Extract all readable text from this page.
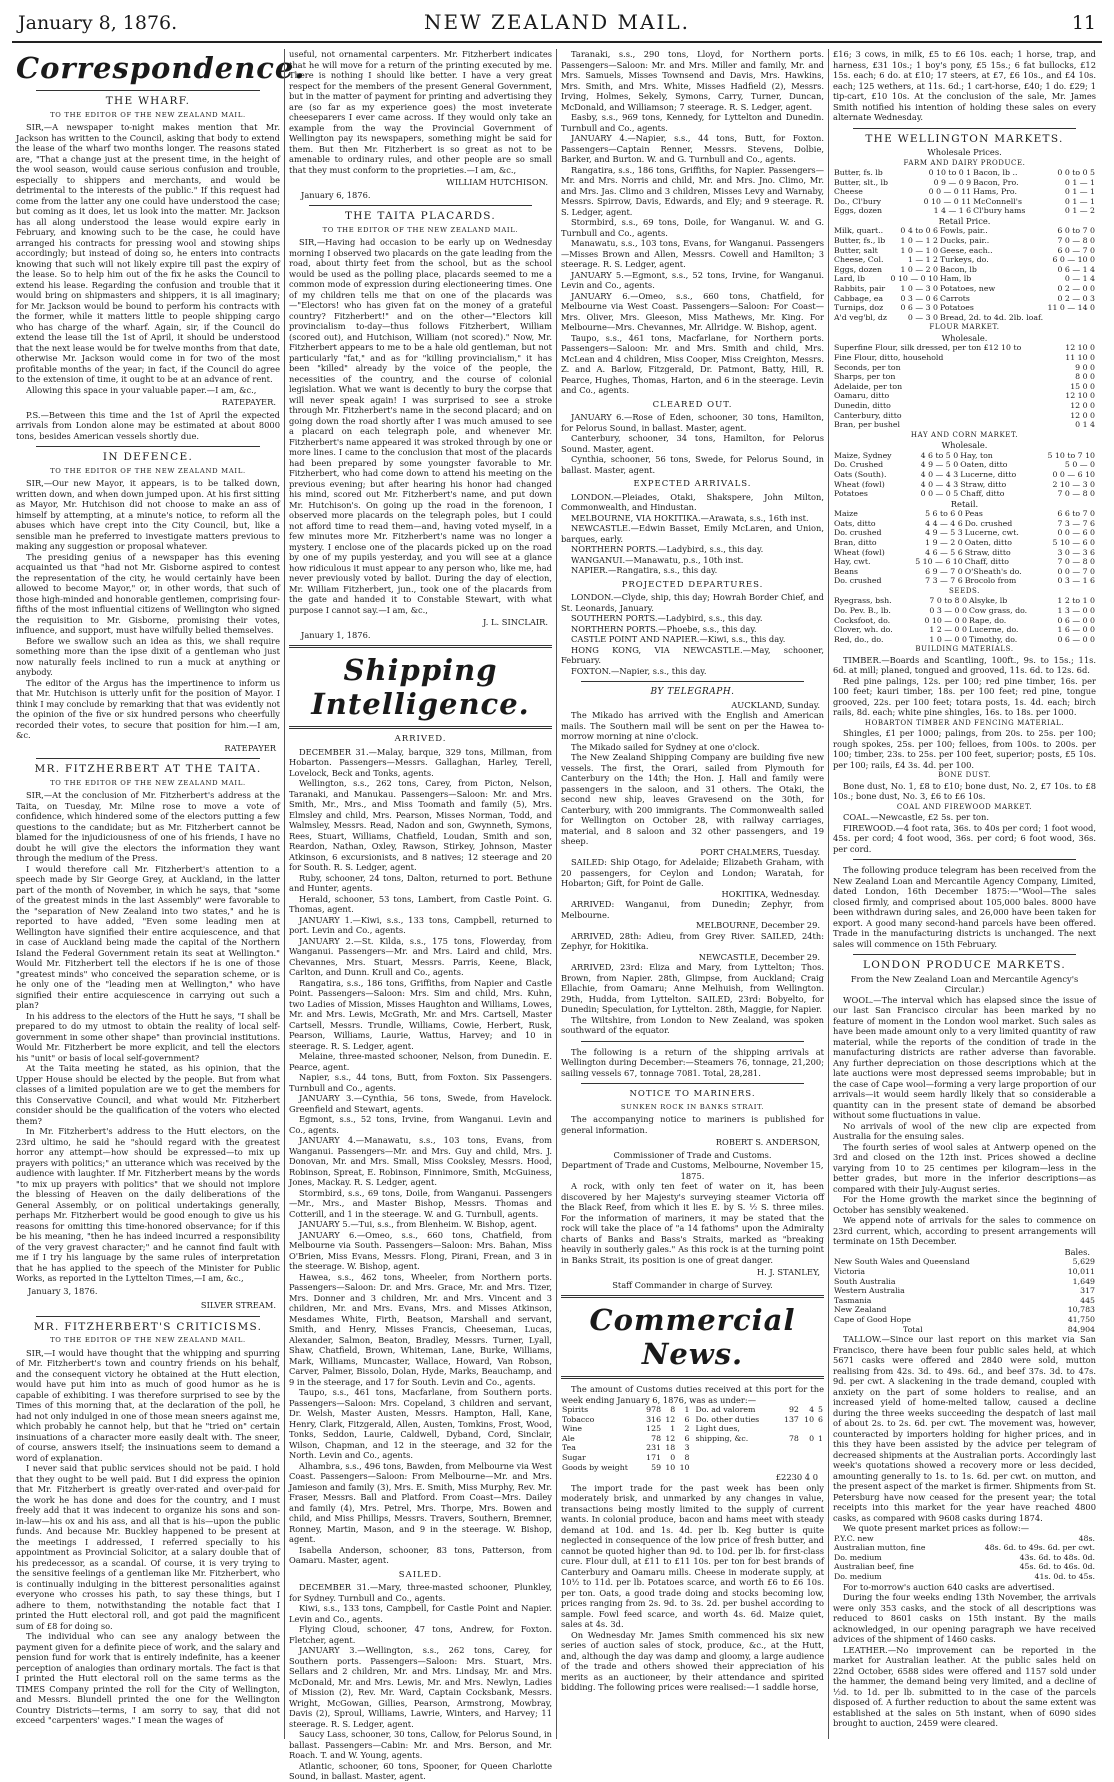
January 8, 1876.	NEW ZEALAND MAIL.	11
Correspondence.
THE WHARF.
TO THE EDITOR OF THE NEW ZEALAND MAIL.

SIR,—A newspaper to-night makes mention that Mr. Jackson has written to the Council, asking that body to extend the lease of the wharf two months longer. The reasons stated are, "That a change just at the present time, in the height of the wool season, would cause serious confusion and trouble, especially to shippers and merchants, and would be detrimental to the interests of the public." If this request had come from the latter any one could have understood the case; but coming as it does, let us look into the matter. Mr. Jackson has all along understood the lease would expire early in February, and knowing such to be the case, he could have arranged his contracts for pressing wool and stowing ships accordingly; but instead of doing so, he enters into contracts knowing that such will not likely expire till past the expiry of the lease. So to help him out of the fix he asks the Council to extend his lease. Regarding the confusion and trouble that it would bring on shipmasters and shippers, it is all imaginary; for Mr. Jackson would be bound to perform his contracts with the former, while it matters little to people shipping cargo who has charge of the wharf. Again, sir, if the Council do extend the lease till the 1st of April, it should be understood that the next lease would be for twelve months from that date, otherwise Mr. Jackson would come in for two of the most profitable months of the year; in fact, if the Council do agree to the extension of time, it ought to be at an advance of rent.

Allowing this space in your valuable paper.—I am, &c.,

RATEPAYER.

P.S.—Between this time and the 1st of April the expected arrivals from London alone may be estimated at about 8000 tons, besides American vessels shortly due.

IN DEFENCE.
TO THE EDITOR OF THE NEW ZEALAND MAIL.

SIR,—Our new Mayor, it appears, is to be talked down, written down, and when down jumped upon. At his first sitting as Mayor, Mr. Hutchison did not choose to make an ass of himself by attempting, at a minute's notice, to reform all the abuses which have crept into the City Council, but, like a sensible man he preferred to investigate matters previous to making any suggestion or proposal whatever.

The presiding genius of a newspaper has this evening acquainted us that "had not Mr. Gisborne aspired to contest the representation of the city, he would certainly have been allowed to become Mayor," or, in other words, that such of those high-minded and honorable gentlemen, comprising four-fifths of the most influential citizens of Wellington who signed the requisition to Mr. Gisborne, promising their votes, influence, and support, must have wilfully belied themselves.

Before we swallow such an idea as this, we shall require something more than the ipse dixit of a gentleman who just now naturally feels inclined to run a muck at anything or anybody.

The editor of the Argus has the impertinence to inform us that Mr. Hutchison is utterly unfit for the position of Mayor. I think I may conclude by remarking that that was evidently not the opinion of the five or six hundred persons who cheerfully recorded their votes, to secure that position for him.—I am, &c.

RATEPAYER
MR. FITZHERBERT AT THE TAITA.
TO THE EDITOR OF THE NEW ZEALAND MAIL.

SIR,—At the conclusion of Mr. Fitzherbert's address at the Taita, on Tuesday, Mr. Milne rose to move a vote of confidence, which hindered some of the electors putting a few questions to the candidate; but as Mr. Fitzherbert cannot be blamed for the injudiciousness of one of his friends, I have no doubt he will give the electors the information they want through the medium of the Press.

I would therefore call Mr. Fitzherbert's attention to a speech made by Sir George Grey, at Auckland, in the latter part of the month of November, in which he says, that "some of the greatest minds in the last Assembly" were favorable to the "separation of New Zealand into two states," and he is reported to have added, "Even some leading men at Wellington have signified their entire acquiescence, and that in case of Auckland being made the capital of the Northern Island the Federal Government retain its seat at Wellington." Would Mr. Fitzherbert tell the electors if he is one of those "greatest minds" who conceived the separation scheme, or is he only one of the "leading men at Wellington," who have signified their entire acquiescence in carrying out such a plan?

In his address to the electors of the Hutt he says, "I shall be prepared to do my utmost to obtain the reality of local self-government in some other shape" than provincial institutions. Would Mr. Fitzherbert be more explicit, and tell the electors his "unit" or basis of local self-government?

At the Taita meeting he stated, as his opinion, that the Upper House should be elected by the people. But from what classes of a limited population are we to get the members for this Conservative Council, and what would Mr. Fitzherbert consider should be the qualification of the voters who elected them?

In Mr. Fitzherbert's address to the Hutt electors, on the 23rd ultimo, he said he "should regard with the greatest horror any attempt—how should be expressed—to mix up prayers with politics;" an utterance which was received by the audience with laughter. If Mr. Fitzherbert means by the words "to mix up prayers with politics" that we should not implore the blessing of Heaven on the daily deliberations of the General Assembly, or on political undertakings generally, perhaps Mr. Fitzherbert would be good enough to give us his reasons for omitting this time-honored observance; for if this be his meaning, "then he has indeed incurred a responsibility of the very gravest character;" and he cannot find fault with me if I try his language by the same rules of interpretation that he has applied to the speech of the Minister for Public Works, as reported in the Lyttelton Times,—I am, &c.,

January 3, 1876.
SILVER STREAM.
MR. FITZHERBERT'S CRITICISMS.
TO THE EDITOR OF THE NEW ZEALAND MAIL.

SIR,—I would have thought that the whipping and spurring of Mr. Fitzherbert's town and country friends on his behalf, and the consequent victory he obtained at the Hutt election, would have put him into as much of good humor as he is capable of exhibiting. I was therefore surprised to see by the Times of this morning that, at the declaration of the poll, he had not only indulged in one of those mean sneers against me, which probably he cannot help, but that he "tried on" certain insinuations of a character more easily dealt with. The sneer, of course, answers itself; the insinuations seem to demand a word of explanation.

I never said that public services should not be paid. I hold that they ought to be well paid. But I did express the opinion that Mr. Fitzherbert is greatly over-rated and over-paid for the work he has done and does for the country, and I must freely add that it was indecent to organize his sons and son-in-law—his ox and his ass, and all that is his—upon the public funds. And because Mr. Buckley happened to be present at the meetings I addressed, I referred specially to his appointment as Provincial Solicitor, at a salary double that of his predecessor, as a scandal. Of course, it is very trying to the sensitive feelings of a gentleman like Mr. Fitzherbert, who is continually indulging in the bitterest personalities against everyone who crosses his path, to say these things, but I adhere to them, notwithstanding the notable fact that I printed the Hutt electoral roll, and got paid the magnificent sum of £8 for doing so.

The individual who can see any analogy between the payment given for a definite piece of work, and the salary and pension fund for work that is entirely indefinite, has a keener perception of analogies than ordinary mortals. The fact is that I printed the Hutt electoral roll on the same terms as the TIMES Company printed the roll for the City of Wellington, and Messrs. Blundell printed the one for the Wellington Country Districts—terms, I am sorry to say, that did not exceed "carpenters' wages." I mean the wages of

useful, not ornamental carpenters. Mr. Fitzherbert indicates that he will move for a return of the printing executed by me. There is nothing I should like better. I have a very great respect for the members of the present General Government, but in the matter of payment for printing and advertising they are (so far as my experience goes) the most inveterate cheeseparers I ever came across. If they would only take an example from the way the Provincial Government of Wellington pay its newspapers, something might be said for them. But then Mr. Fitzherbert is so great as not to be amenable to ordinary rules, and other people are so small that they must conform to the proprieties.—I am, &c.,

WILLIAM HUTCHISON.
January 6, 1876.
THE TAITA PLACARDS.
TO THE EDITOR OF THE NEW ZEALAND MAIL.

SIR,—Having had occasion to be early up on Wednesday morning I observed two placards on the gate leading from the road, about thirty feet from the school, but as the school would be used as the polling place, placards seemed to me a common mode of expression during electioneering times. One of my children tells me that on one of the placards was—"Electors! who has given fat on the money of a grateful country? Fitzherbert!" and on the other—"Electors kill provincialism to-day—thus follows Fitzherbert, William (scored out), and Hutchison, William (not scored)." Now, Mr. Fitzherbert appears to me to be a hale old gentleman, but not particularly "fat," and as for "killing provincialism," it has been "killed" already by the voice of the people, the necessities of the country, and the course of colonial legislation. What we want is decently to bury the corpse that will never speak again! I was surprised to see a stroke through Mr. Fitzherbert's name in the second placard; and on going down the road shortly after I was much amused to see a placard on each telegraph pole, and whenever Mr. Fitzherbert's name appeared it was stroked through by one or more lines. I came to the conclusion that most of the placards had been prepared by some youngster favorable to Mr. Fitzherbert, who had come down to attend his meeting on the previous evening; but after hearing his honor had changed his mind, scored out Mr. Fitzherbert's name, and put down Mr. Hutchison's. On going up the road in the forenoon, I observed more placards on the telegraph poles, but I could not afford time to read them—and, having voted myself, in a few minutes more Mr. Fitzherbert's name was no longer a mystery. I enclose one of the placards picked up on the road by one of my pupils yesterday, and you will see at a glance how ridiculous it must appear to any person who, like me, had never previously voted by ballot. During the day of election, Mr. William Fitzherbert, jun., took one of the placards from the gate and handed it to Constable Stewart, with what purpose I cannot say.—I am, &c.,

J. L. SINCLAIR.
January 1, 1876.
Shipping Intelligence.
ARRIVED.

DECEMBER 31.—Malay, barque, 329 tons, Millman, from Hobarton. Passengers—Messrs. Gallaghan, Harley, Terell, Lovelock, Beck and Tonks, agents.

Wellington, s.s., 262 tons, Carey, from Picton, Nelson, Taranaki, and Manukau. Passengers—Saloon: Mr. and Mrs. Smith, Mr., Mrs., and Miss Toomath and family (5), Mrs. Elmsley and child, Mrs. Pearson, Misses Norman, Todd, and Walmsley, Messrs. Read, Nadon and son, Gwynneth, Symons, Rees, Stuart, Williams, Chatfield, Loudan, Smith and son, Reardon, Nathan, Oxley, Rawson, Stirkey, Johnson, Master Atkinson, 6 excursionists, and 8 natives; 12 steerage and 20 for South. R. S. Ledger, agent.

Ruby, schooner, 24 tons, Dalton, returned to port. Bethune and Hunter, agents.

Herald, schooner, 53 tons, Lambert, from Castle Point. G. Thomas, agent.

JANUARY 1.—Kiwi, s.s., 133 tons, Campbell, returned to port. Levin and Co., agents.

JANUARY 2.—St. Kilda, s.s., 175 tons, Flowerday, from Wanganui. Passengers—Mr. and Mrs. Laird and child, Mrs. Chevannes, Mrs. Stuart, Messrs. Parris, Keene, Black, Carlton, and Dunn. Krull and Co., agents.

Rangatira, s.s., 186 tons, Griffiths, from Napier and Castle Point. Passengers—Saloon: Mrs. Sim and child, Mrs. Kuhn, two Ladies of Mission, Misses Haughton and Williams, Lowes, Mr. and Mrs. Lewis, McGrath, Mr. and Mrs. Cartsell, Master Cartsell, Messrs. Trundle, Williams, Cowie, Herbert, Rusk, Pearson, Williams, Laurie, Wattus, Harvey; and 10 in steerage. R. S. Ledger, agent.

Melaine, three-masted schooner, Nelson, from Dunedin. E. Pearce, agent.

Napier, s.s., 44 tons, Butt, from Foxton. Six Passengers. Turnbull and Co., agents.

JANUARY 3.—Cynthia, 56 tons, Swede, from Havelock. Greenfield and Stewart, agents.

Egmont, s.s., 52 tons, Irvine, from Wanganui. Levin and Co., agents.

JANUARY 4.—Manawatu, s.s., 103 tons, Evans, from Wanganui. Passengers—Mr. and Mrs. Guy and child, Mrs. J. Donovan, Mr. and Mrs. Small, Miss Cooksley, Messrs. Hood, Robinson, Spreat, E. Robinson, Finnimore, Smith, McGuiness, Jones, Mackay. R. S. Ledger, agent.

Stormbird, s.s., 69 tons, Doile, from Wanganui. Passengers—Mr., Mrs., and Master Bishop, Messrs. Thomas and Cotterill, and 1 in the steerage. W. and G. Turnbull, agents.

JANUARY 5.—Tui, s.s., from Blenheim. W. Bishop, agent.

JANUARY 6.—Omeo, s.s., 660 tons, Chatfield, from Melbourne via South. Passengers—Saloon: Mrs. Bahan, Miss O'Brien, Miss Evans, Messrs. Flong, Pirani, Frean, and 3 in the steerage. W. Bishop, agent.

Hawea, s.s., 462 tons, Wheeler, from Northern ports. Passengers—Saloon: Dr. and Mrs. Grace, Mr. and Mrs. Tizer, Mrs. Donner and 3 children, Mr. and Mrs. Vincent and 3 children, Mr. and Mrs. Evans, Mrs. and Misses Atkinson, Mesdames White, Firth, Beatson, Marshall and servant, Smith, and Henry, Misses Francis, Cheeseman, Lucas, Alexander, Salmon, Beaton, Bradley, Messrs. Turner, Lyall, Shaw, Chatfield, Brown, Whiteman, Lane, Burke, Williams, Mark, Williams, Muncaster, Wallace, Howard, Van Robson, Carver, Palmer, Bissolo, Dolan, Hyde, Marks, Beauchamp, and 9 in the steerage, and 17 for South. Levin and Co., agents.

Taupo, s.s., 461 tons, Macfarlane, from Southern ports. Passengers—Saloon: Mrs. Copeland, 3 children and servant, Dr. Welsh, Master Austen, Messrs. Hampton, Hall, Kane, Henry, Clark, Fitzgerald, Allen, Austen, Tomkins, Frost, Wood, Tonks, Seddon, Laurie, Caldwell, Dyband, Cord, Sinclair, Wilson, Chapman, and 12 in the steerage, and 32 for the North. Levin and Co., agents.

Alhambra, s.s., 496 tons, Bawden, from Melbourne via West Coast. Passengers—Saloon: From Melbourne—Mr. and Mrs. Jamieson and family (3), Mrs. E. Smith, Miss Murphy, Rev. Mr. Fraser, Messrs. Ball and Platford. From Coast—Mrs. Dailey and family (4), Mrs. Petrel, Mrs. Thorpe, Mrs. Bowen and child, and Miss Phillips, Messrs. Travers, Southern, Bremner, Ronney, Martin, Mason, and 9 in the steerage. W. Bishop, agent.

Isabella Anderson, schooner, 83 tons, Patterson, from Oamaru. Master, agent.

SAILED.

DECEMBER 31.—Mary, three-masted schooner, Plunkley, for Sydney. Turnbull and Co., agents.

Kiwi, s.s., 133 tons, Campbell, for Castle Point and Napier. Levin and Co., agents.

Flying Cloud, schooner, 47 tons, Andrew, for Foxton. Fletcher, agent.

JANUARY 3.—Wellington, s.s., 262 tons, Carey, for Southern ports. Passengers—Saloon: Mrs. Stuart, Mrs. Sellars and 2 children, Mr. and Mrs. Lindsay, Mr. and Mrs. McDonald, Mr. and Mrs. Lewis, Mr. and Mrs. Newlyn, Ladies of Mission (2), Rev. Mr. Ward, Captain Cocksbank, Messrs. Wright, McGowan, Gillies, Pearson, Armstrong, Mowbray, Davis (2), Sproul, Williams, Lawrie, Winters, and Harvey; 11 steerage. R. S. Ledger, agent.

Saucy Lass, schooner, 30 tons, Callow, for Pelorus Sound, in ballast. Passengers—Cabin: Mr. and Mrs. Berson, and Mr. Roach. T. and W. Young, agents.

Atlantic, schooner, 60 tons, Spooner, for Queen Charlotte Sound, in ballast. Master, agent.

Taranaki, s.s., 290 tons, Lloyd, for Northern ports. Passengers—Saloon: Mr. and Mrs. Miller and family, Mr. and Mrs. Samuels, Misses Townsend and Davis, Mrs. Hawkins, Mrs. Smith, and Mrs. White, Misses Hadfield (2), Messrs. Irving, Holmes, Sekely, Symons, Carry, Turner, Duncan, McDonald, and Williamson; 7 steerage. R. S. Ledger, agent.

Easby, s.s., 969 tons, Kennedy, for Lyttelton and Dunedin. Turnbull and Co., agents.

JANUARY 4.—Napier, s.s., 44 tons, Butt, for Foxton. Passengers—Captain Renner, Messrs. Stevens, Dolbie, Barker, and Burton. W. and G. Turnbull and Co., agents.

Rangatira, s.s., 186 tons, Griffiths, for Napier. Passengers—Mr. and Mrs. Norris and child, Mr. and Mrs. Jno. Climo, Mr. and Mrs. Jas. Climo and 3 children, Misses Levy and Warnaby, Messrs. Spirrow, Davis, Edwards, and Ely; and 9 steerage. R. S. Ledger, agent.

Stormbird, s.s., 69 tons, Doile, for Wanganui. W. and G. Turnbull and Co., agents.

Manawatu, s.s., 103 tons, Evans, for Wanganui. Passengers—Misses Brown and Allen, Messrs. Cowell and Hamilton; 3 steerage. R. S. Ledger, agent.

JANUARY 5.—Egmont, s.s., 52 tons, Irvine, for Wanganui. Levin and Co., agents.

JANUARY 6.—Omeo, s.s., 660 tons, Chatfield, for Melbourne via West Coast. Passengers—Saloon: For Coast—Mrs. Oliver, Mrs. Gleeson, Miss Mathews, Mr. King. For Melbourne—Mrs. Chevannes, Mr. Allridge. W. Bishop, agent.

Taupo, s.s., 461 tons, Macfarlane, for Northern ports. Passengers—Saloon: Mr. and Mrs. Smith and child, Mrs. McLean and 4 children, Miss Cooper, Miss Creighton, Messrs. Z. and A. Barlow, Fitzgerald, Dr. Patmont, Batty, Hill, R. Pearce, Hughes, Thomas, Harton, and 6 in the steerage. Levin and Co., agents.

CLEARED OUT.

JANUARY 6.—Rose of Eden, schooner, 30 tons, Hamilton, for Pelorus Sound, in ballast. Master, agent.

Canterbury, schooner, 34 tons, Hamilton, for Pelorus Sound. Master, agent.

Cynthia, schooner, 56 tons, Swede, for Pelorus Sound, in ballast. Master, agent.

EXPECTED ARRIVALS.

LONDON.—Pleiades, Otaki, Shakspere, John Milton, Commonwealth, and Hindustan.

MELBOURNE, VIA HOKITIKA.—Arawata, s.s., 16th inst.

NEWCASTLE.—Edwin Basset, Emily McLaren, and Union, barques, early.

NORTHERN PORTS.—Ladybird, s.s., this day.

WANGANUI.—Manawatu, p.s., 10th inst.

NAPIER.—Rangatira, s.s., this day.

PROJECTED DEPARTURES.

LONDON.—Clyde, ship, this day; Howrah Border Chief, and St. Leonards, January.

SOUTHERN PORTS.—Ladybird, s.s., this day.

NORTHERN PORTS.—Phoebe, s.s., this day.

CASTLE POINT AND NAPIER.—Kiwi, s.s., this day.

HONG KONG, VIA NEWCASTLE.—May, schooner, February.

FOXTON.—Napier, s.s., this day.

BY TELEGRAPH.
AUCKLAND, Sunday.

The Mikado has arrived with the English and American mails. The Southern mail will be sent on per the Hawea to-morrow morning at nine o'clock.

The Mikado sailed for Sydney at one o'clock.

The New Zealand Shipping Company are building five new vessels. The first, the Orari, sailed from Plymouth for Canterbury on the 14th; the Hon. J. Hall and family were passengers in the saloon, and 31 others. The Otaki, the second new ship, leaves Gravesend on the 30th, for Canterbury, with 200 immigrants. The Commonwealth sailed for Wellington on October 28, with railway carriages, material, and 8 saloon and 32 other passengers, and 19 sheep.

PORT CHALMERS, Tuesday.

SAILED: Ship Otago, for Adelaide; Elizabeth Graham, with 20 passengers, for Ceylon and London; Waratah, for Hobarton; Gift, for Point de Galle.

HOKITIKA, Wednesday.

ARRIVED: Wanganui, from Dunedin; Zephyr, from Melbourne.

MELBOURNE, December 29.

ARRIVED, 28th: Adieu, from Grey River. SAILED, 24th: Zephyr, for Hokitika.

NEWCASTLE, December 29.

ARRIVED, 23rd: Eliza and Mary, from Lyttelton; Thos. Brown, from Napier. 28th, Glimpse, from Auckland; Craig Ellachie, from Oamaru; Anne Melhuish, from Wellington. 29th, Hudda, from Lyttelton. SAILED, 23rd: Bobyelto, for Dunedin; Speculation, for Lyttelton. 28th, Maggie, for Napier.

The Wiltshire, from London to New Zealand, was spoken southward of the equator.

The following is a return of the shipping arrivals at Wellington during December:—Steamers 76, tonnage, 21,200; sailing vessels 67, tonnage 7081. Total, 28,281.

NOTICE TO MARINERS.
SUNKEN ROCK IN BANKS STRAIT.

The accompanying notice to mariners is published for general information.

ROBERT S. ANDERSON,
Commissioner of Trade and Customs.
Department of Trade and Customs, Melbourne, November 15, 1875.

A rock, with only ten feet of water on it, has been discovered by her Majesty's surveying steamer Victoria off the Black Reef, from which it lies E. by S. ½ S. three miles. For the information of mariners, it may be stated that the rock will take the place of "a 14 fathoms" upon the Admiralty charts of Banks and Bass's Straits, marked as "breaking heavily in southerly gales." As this rock is at the turning point in Banks Strait, its position is one of great danger.

H. J. STANLEY,
Staff Commander in charge of Survey.
Commercial News.

The amount of Customs duties received at this port for the week ending January 6, 1876, was as under:—

Spirits	978	8	1
Tobacco	316	12	6
Wine	125	1	2
Ale	78	12	6
Tea	231	18	3
Sugar	171	0	8
Goods by weight	59	10	10
Do. ad valorem	92	4	5
Do. other duties	137	10	6
Light dues,			
shipping, &c.	78	0	1
£2230 4 0

The import trade for the past week has been only moderately brisk, and unmarked by any changes in value, transactions being mostly limited to the supply of current wants. In colonial produce, bacon and hams meet with steady demand at 10d. and 1s. 4d. per lb. Keg butter is quite neglected in consequence of the low price of fresh butter, and cannot be quoted higher than 9d. to 10d. per lb. for first-class cure. Flour dull, at £11 to £11 10s. per ton for best brands of Canterbury and Oamaru mills. Cheese in moderate supply, at 10½ to 11d. per lb. Potatoes scarce, and worth £6 to £6 10s. per ton. Oats, a good trade doing and stocks becoming low, prices ranging from 2s. 9d. to 3s. 2d. per bushel according to sample. Fowl feed scarce, and worth 4s. 6d. Maize quiet, sales at 4s. 3d.

On Wednesday Mr. James Smith commenced his six new series of auction sales of stock, produce, &c., at the Hutt, and, although the day was damp and gloomy, a large audience of the trade and others showed their appreciation of his merits as an auctioneer, by their attendance and spirited bidding. The following prices were realised:—1 saddle horse,

£16; 3 cows, in milk, £5 to £6 10s. each; 1 horse, trap, and harness, £31 10s.; 1 boy's pony, £5 15s.; 6 fat bullocks, £12 15s. each; 6 do. at £10; 17 steers, at £7, £6 10s., and £4 10s. each; 125 wethers, at 11s. 6d.; 1 cart-horse, £40; 1 do. £29; 1 tip-cart, £10 10s. At the conclusion of the sale, Mr. James Smith notified his intention of holding these sales on every alternate Wednesday.

THE WELLINGTON MARKETS.
Wholesale Prices.
FARM AND DAIRY PRODUCE.
Butter, fs. lb	0 10 to 0 1	Bacon, lb ..	0 0 to 0 5
Butter, slt., lb	0 9 — 0 9	Bacon, Pro.	0 1 — 1
Cheese	0 0 — 0 11	Hams, Pro.	0 1 — 1
Do., Cl'bury	0 10 — 0 11	McConnell's	0 1 — 1
Eggs, dozen	1 4 — 1 6	Cl'bury hams	0 1 — 2
Retail Price.
Milk, quart..	0 4 to 0 6	Fowls, pair..	6 0 to 7 0
Butter, fs., lb	1 0 — 1 2	Ducks, pair..	7 0 — 8 0
Butter, salt	1 0 — 1 0	Geese, each..	6 0 — 7 0
Cheese, Col.	1 — 1 2	Turkeys, do.	6 0 — 10 0
Eggs, dozen	1 0 — 2 0	Bacon, lb	0 6 — 1 4
Lard, lb	0 10 — 0 10	Ham, lb	0 — 1 4
Rabbits, pair	1 0 — 3 0	Potatoes, new	0 2 — 0 0
Cabbage, ea	0 3 — 0 6	Carrots	0 2 — 0 3
Turnips, doz	0 6 — 3 0	Potatoes	11 0 — 14 0
A'd veg'bl, dz	0 — 3 0	Bread, 2d. to 4d. 2lb. loaf.	
FLOUR MARKET.
Wholesale.
Superfine Flour, silk dressed, per ton £12 10 to	12 10 0
Fine Flour, ditto, household	11 10 0
Seconds, per ton	9 0 0
Sharps, per ton	8 0 0
Adelaide, per ton	15 0 0
Oamaru, ditto	12 10 0
Dunedin, ditto	12 0 0
Canterbury, ditto	12 0 0
Bran, per bushel	0 1 4
HAY AND CORN MARKET.
Wholesale.
Maize, Sydney	4 6 to 5 0	Hay, ton	5 10 to 7 10
Do. Crushed	4 9 — 5 0	Oaten, ditto	5 0 — 0
Oats (South).	4 0 — 4 3	Lucerne, ditto	0 0 — 6 10
Wheat (fowl)	4 0 — 4 3	Straw, ditto	2 10 — 3 0
Potatoes	0 0 — 0 5	Chaff, ditto	7 0 — 8 0
Retail.
Maize	5 6 to 6 0	Peas	6 6 to 7 0
Oats, ditto	4 4 — 4 6	Do. crushed	7 3 — 7 6
Do. crushed	4 9 — 5 3	Lucerne, cwt.	0 0 — 6 0
Bran, ditto	1 9 — 2 0	Oaten, ditto	5 10 — 6 0
Wheat (fowl)	4 6 — 5 6	Straw, ditto	3 0 — 3 6
Hay, cwt.	5 10 — 6 10	Chaff, ditto	7 0 — 8 0
Beans	6 9 — 7 0	O'Sheath's do.	0 0 — 7 0
Do. crushed	7 3 — 7 6	Brocolo from	0 3 — 1 6
SEEDS.
Ryegrass, bsh.	7 0 to 8 0	Alsyke, lb	1 2 to 1 0
Do. Pev. B., lb.	0 3 — 0 0	Cow grass, do.	1 3 — 0 0
Cocksfoot, do.	0 10 — 0 0	Rape, do.	0 6 — 0 0
Clover, wh. do.	1 2 — 0 0	Lucerne, do.	1 6 — 0 0
Red, do., do.	1 0 — 0 0	Timothy, do.	0 6 — 0 0
BUILDING MATERIALS.

TIMBER.—Boards and Scantling, 100ft., 9s. to 15s.; 11s. 6d. at mill; planed, tongued and grooved, 11s. 6d. to 12s. 6d.

Red pine palings, 12s. per 100; red pine timber, 16s. per 100 feet; kauri timber, 18s. per 100 feet; red pine, tongue grooved, 22s. per 100 feet; totara posts, 1s. 4d. each; birch rails, 8d. each; white pine shingles, 16s. to 18s. per 1000.

HOBARTON TIMBER AND FENCING MATERIAL.

Shingles, £1 per 1000; palings, from 20s. to 25s. per 100; rough spokes, 25s. per 100; felloes, from 100s. to 200s. per 100; timber, 23s. to 25s. per 100 feet, superior; posts, £5 10s. per 100; rails, £4 3s. 4d. per 100.

BONE DUST.

Bone dust, No. 1, £8 to £10; bone dust, No. 2, £7 10s. to £8 10s.; bone dust, No. 3, £6 to £6 10s.

COAL AND FIREWOOD MARKET.

COAL.—Newcastle, £2 5s. per ton.

FIREWOOD.—4 foot rata, 36s. to 40s per cord; 1 foot wood, 45s. per cord; 4 foot wood, 36s. per cord; 6 foot wood, 36s. per cord.

The following produce telegram has been received from the New Zealand Loan and Mercantile Agency Company, Limited, dated London, 16th December 1875:—"Wool—The sales closed firmly, and comprised about 105,000 bales. 8000 have been withdrawn during sales, and 26,000 have been taken for export. A good many second-hand parcels have been offered. Trade in the manufacturing districts is unchanged. The next sales will commence on 15th February.

LONDON PRODUCE MARKETS.
From the New Zealand Loan and Mercantile Agency's Circular.)

WOOL.—The interval which has elapsed since the issue of our last San Francisco circular has been marked by no feature of moment in the London wool market. Such sales as have been made amount only to a very limited quantity of raw material, while the reports of the condition of trade in the manufacturing districts are rather adverse than favorable. Any further depreciation on those descriptions which at the late auctions were most depressed seems improbable; but in the case of Cape wool—forming a very large proportion of our arrivals—it would seem hardly likely that so considerable a quantity can in the present state of demand be absorbed without some fluctuations in value.

No arrivals of wool of the new clip are expected from Australia for the ensuing sales.

The fourth series of wool sales at Antwerp opened on the 3rd and closed on the 12th inst. Prices showed a decline varying from 10 to 25 centimes per kilogram—less in the better grades, but more in the inferior descriptions—as compared with their July-August series.

For the Home growth the market since the beginning of October has sensibly weakened.

We append note of arrivals for the sales to commence on 23rd current, which, according to present arrangements will terminate on 15th December.

Bales.
New South Wales and Queensland	5,629
Victoria	10,011
South Australia	1,649
Western Australia	317
Tasmania	445
New Zealand	10,783
Cape of Good Hope	41,750
Total	84,904

TALLOW.—Since our last report on this market via San Francisco, there have been four public sales held, at which 5671 casks were offered and 2840 were sold, mutton realising from 42s. 3d. to 49s. 6d., and beef 37s. 3d. to 47s. 9d. per cwt. A slackening in the trade demand, coupled with anxiety on the part of some holders to realise, and an increased yield of home-melted tallow, caused a decline during the three weeks succeeding the despatch of last mail of about 2s. to 2s. 6d. per cwt. The movement was, however, counteracted by importers holding for higher prices, and in this they have been assisted by the advice per telegram of decreased shipments at the Australian ports. Accordingly last week's quotations showed a recovery more or less decided, amounting generally to 1s. to 1s. 6d. per cwt. on mutton, and the present aspect of the market is firmer. Shipments from St. Petersburg have now ceased for the present year; the total receipts into this market for the year have reached 4800 casks, as compared with 9608 casks during 1874.

We quote present market prices as follow:—

P.Y.C. new	48s.
Australian mutton, fine	48s. 6d. to 49s. 6d. per cwt.
Do. medium	43s. 6d. to 48s. 0d.
Australian beef, fine	45s. 6d. to 46s. 0d.
Do. medium	41s. 0d. to 45s.

For to-morrow's auction 640 casks are advertised.

During the four weeks ending 13th November, the arrivals were only 353 casks, and the stock of all descriptions was reduced to 8601 casks on 15th instant. By the mails acknowledged, in our opening paragraph we have received advices of the shipment of 1460 casks.

LEATHER.—No improvement can be reported in the market for Australian leather. At the public sales held on 22nd October, 6588 sides were offered and 1157 sold under the hammer, the demand being very limited, and a decline of ½d. to 1d. per lb. submitted to in the case of the parcels disposed of. A further reduction to about the same extent was established at the sales on 5th instant, when of 6090 sides brought to auction, 2459 were cleared.
